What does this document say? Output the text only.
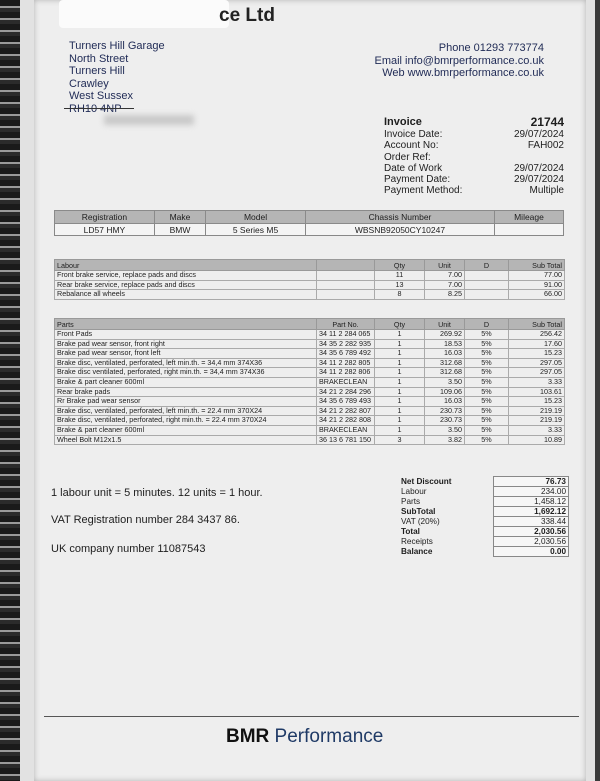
ce Ltd
Turners Hill Garage
North Street
Turners Hill
Crawley
West Sussex
RH10 4NP
Phone 01293 773774
Email info@bmrperformance.co.uk
Web www.bmrperformance.co.uk
Invoice	21744
Invoice Date:	29/07/2024
Account No:	FAH002
Order Ref:
Date of Work	29/07/2024
Payment Date:	29/07/2024
Payment Method:	Multiple
Registration	Make	Model	Chassis Number	Mileage
LD57 HMY	BMW	5 Series M5	WBSNB92050CY10247	
Labour		Qty	Unit	D	Sub Total
Front brake service, replace pads and discs		11	7.00		77.00
Rear brake service, replace pads and discs		13	7.00		91.00
Rebalance all wheels		8	8.25		66.00
Parts	Part No.	Qty	Unit	D	Sub Total
Front Pads	34 11 2 284 065	1	269.92	5%	256.42
Brake pad wear sensor, front right	34 35 2 282 935	1	18.53	5%	17.60
Brake pad wear sensor, front left	34 35 6 789 492	1	16.03	5%	15.23
Brake disc, ventilated, perforated, left min.th. = 34,4 mm 374X36	34 11 2 282 805	1	312.68	5%	297.05
Brake disc ventilated, perforated, right min.th. = 34,4 mm 374X36	34 11 2 282 806	1	312.68	5%	297.05
Brake & part cleaner 600ml	BRAKECLEAN	1	3.50	5%	3.33
Rear brake pads	34 21 2 284 296	1	109.06	5%	103.61
Rr Brake pad wear sensor	34 35 6 789 493	1	16.03	5%	15.23
Brake disc, ventilated, perforated, left min.th. = 22.4 mm 370X24	34 21 2 282 807	1	230.73	5%	219.19
Brake disc, ventilated, perforated, right min.th. = 22.4 mm 370X24	34 21 2 282 808	1	230.73	5%	219.19
Brake & part cleaner 600ml	BRAKECLEAN	1	3.50	5%	3.33
Wheel Bolt M12x1.5	36 13 6 781 150	3	3.82	5%	10.89
1 labour unit = 5 minutes. 12 units = 1 hour.
VAT Registration number 284 3437 86.
UK company number 11087543
Net Discount	76.73
Labour	234.00
Parts	1,458.12
SubTotal	1,692.12
VAT (20%)	338.44
Total	2,030.56
Receipts	2,030.56
Balance	0.00
BMR Performance
